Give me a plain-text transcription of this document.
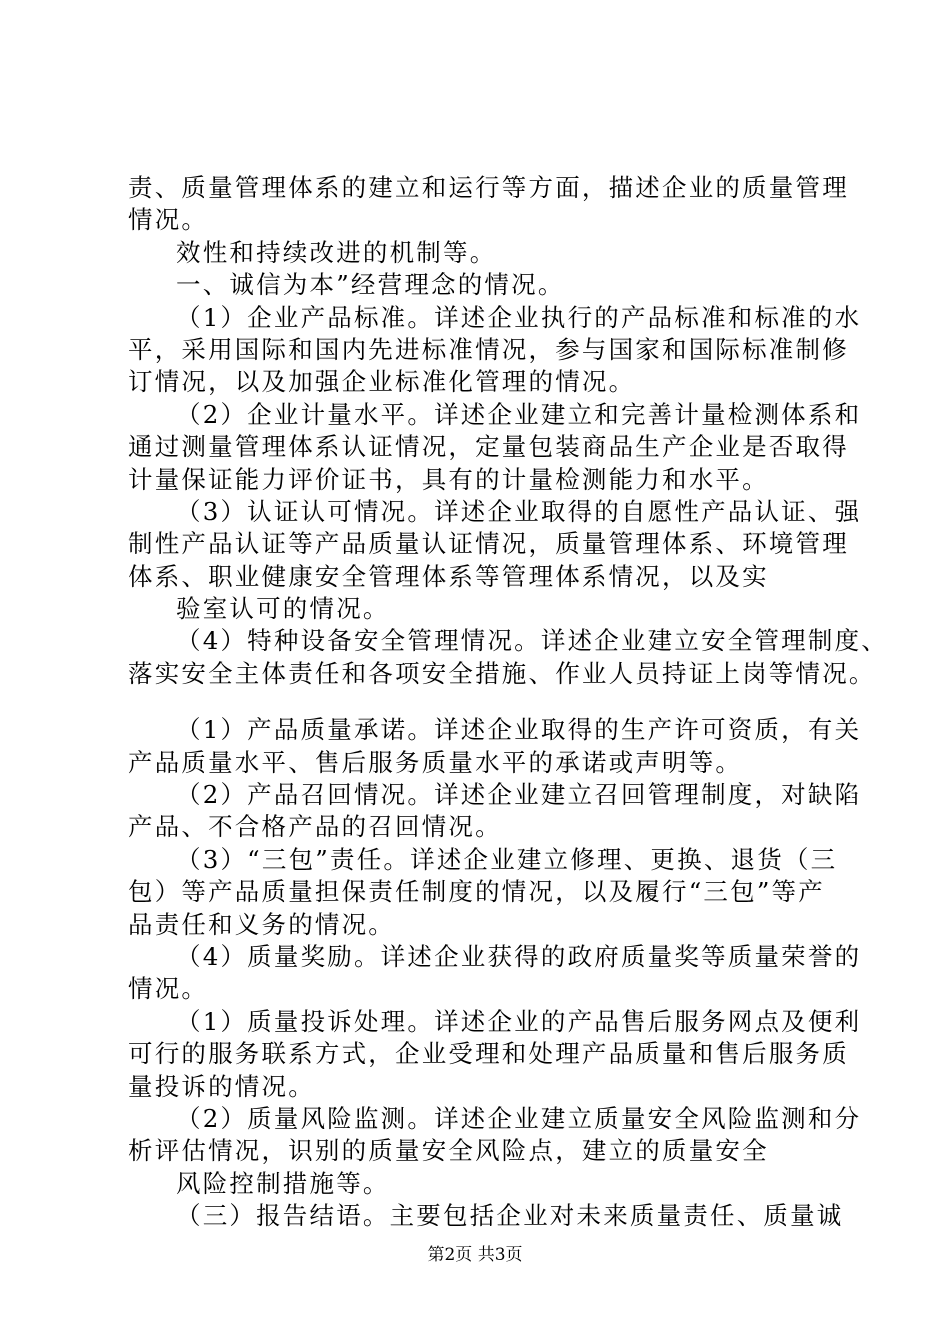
责、质量管理体系的建立和运行等方面，描述企业的质量管理
情况。
效性和持续改进的机制等。
一、诚信为本”经营理念的情况。
（1）企业产品标准。详述企业执行的产品标准和标准的水
平，采用国际和国内先进标准情况，参与国家和国际标准制修
订情况，以及加强企业标准化管理的情况。
（2）企业计量水平。详述企业建立和完善计量检测体系和
通过测量管理体系认证情况，定量包装商品生产企业是否取得
计量保证能力评价证书，具有的计量检测能力和水平。
（3）认证认可情况。详述企业取得的自愿性产品认证、强
制性产品认证等产品质量认证情况，质量管理体系、环境管理
体系、职业健康安全管理体系等管理体系情况，以及实
验室认可的情况。
（4）特种设备安全管理情况。详述企业建立安全管理制度、
落实安全主体责任和各项安全措施、作业人员持证上岗等情况。
（1）产品质量承诺。详述企业取得的生产许可资质，有关
产品质量水平、售后服务质量水平的承诺或声明等。
（2）产品召回情况。详述企业建立召回管理制度，对缺陷
产品、不合格产品的召回情况。
（3）“三包”责任。详述企业建立修理、更换、退货（三
包）等产品质量担保责任制度的情况，以及履行“三包”等产
品责任和义务的情况。
（4）质量奖励。详述企业获得的政府质量奖等质量荣誉的
情况。
（1）质量投诉处理。详述企业的产品售后服务网点及便利
可行的服务联系方式，企业受理和处理产品质量和售后服务质
量投诉的情况。
（2）质量风险监测。详述企业建立质量安全风险监测和分
析评估情况，识别的质量安全风险点，建立的质量安全
风险控制措施等。
（三）报告结语。主要包括企业对未来质量责任、质量诚
第2页 共3页
